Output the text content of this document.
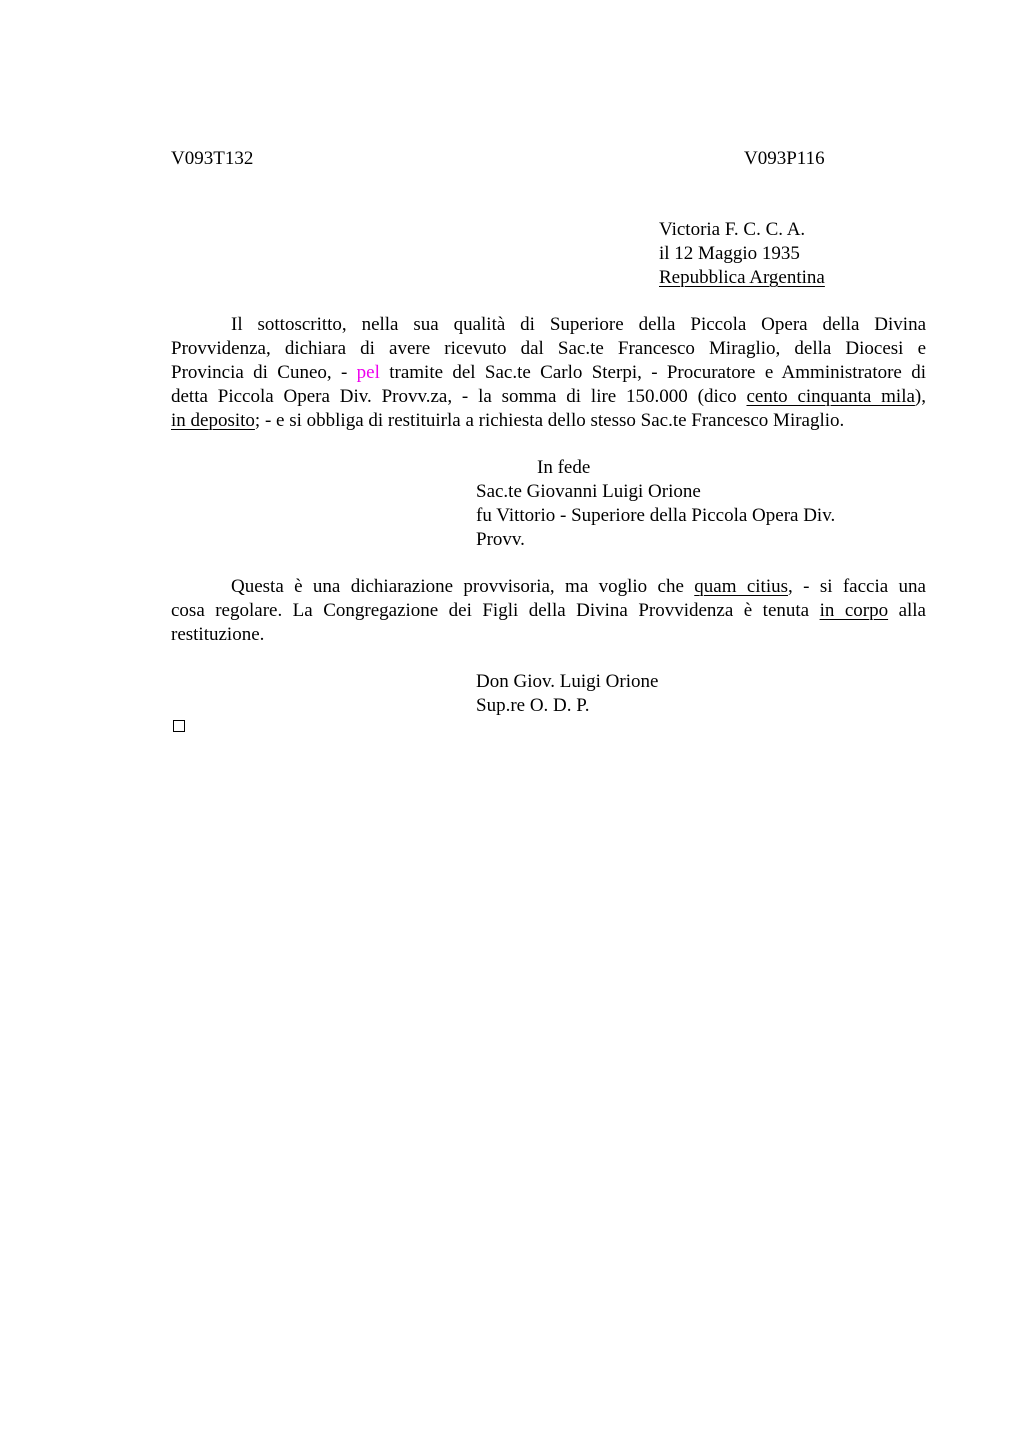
V093T132	V093P116
Victoria F. C. C. A.
il 12 Maggio 1935
Repubblica Argentina
Il sottoscritto, nella sua qualità di Superiore della Piccola Opera della Divina
Provvidenza, dichiara di avere ricevuto dal Sac.te Francesco Miraglio, della Diocesi e
Provincia di Cuneo, - pel tramite del Sac.te Carlo Sterpi, - Procuratore e Amministratore di
detta Piccola Opera Div. Provv.za, - la somma di lire 150.000 (dico cento cinquanta mila),
in deposito; - e si obbliga di restituirla a richiesta dello stesso Sac.te Francesco Miraglio.
In fede
Sac.te Giovanni Luigi Orione
fu Vittorio - Superiore della Piccola Opera Div.
Provv.
Questa è una dichiarazione provvisoria, ma voglio che quam citius, - si faccia una
cosa regolare. La Congregazione dei Figli della Divina Provvidenza è tenuta in corpo alla
restituzione.
Don Giov. Luigi Orione
Sup.re O. D. P.
